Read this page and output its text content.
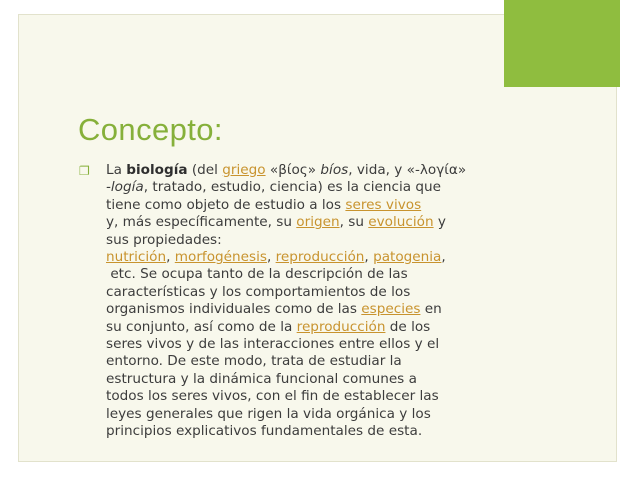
Concepto:
❐ La biología (del griego «βίος» bíos, vida, y «-λογία»
-logía, tratado, estudio, ciencia) es la ciencia que
tiene como objeto de estudio a los seres vivos
y, más específicamente, su origen, su evolución y
sus propiedades:
nutrición, morfogénesis, reproducción, patogenia,
etc. Se ocupa tanto de la descripción de las
características y los comportamientos de los
organismos individuales como de las especies en
su conjunto, así como de la reproducción de los
seres vivos y de las interacciones entre ellos y el
entorno. De este modo, trata de estudiar la
estructura y la dinámica funcional comunes a
todos los seres vivos, con el fin de establecer las
leyes generales que rigen la vida orgánica y los
principios explicativos fundamentales de esta.
